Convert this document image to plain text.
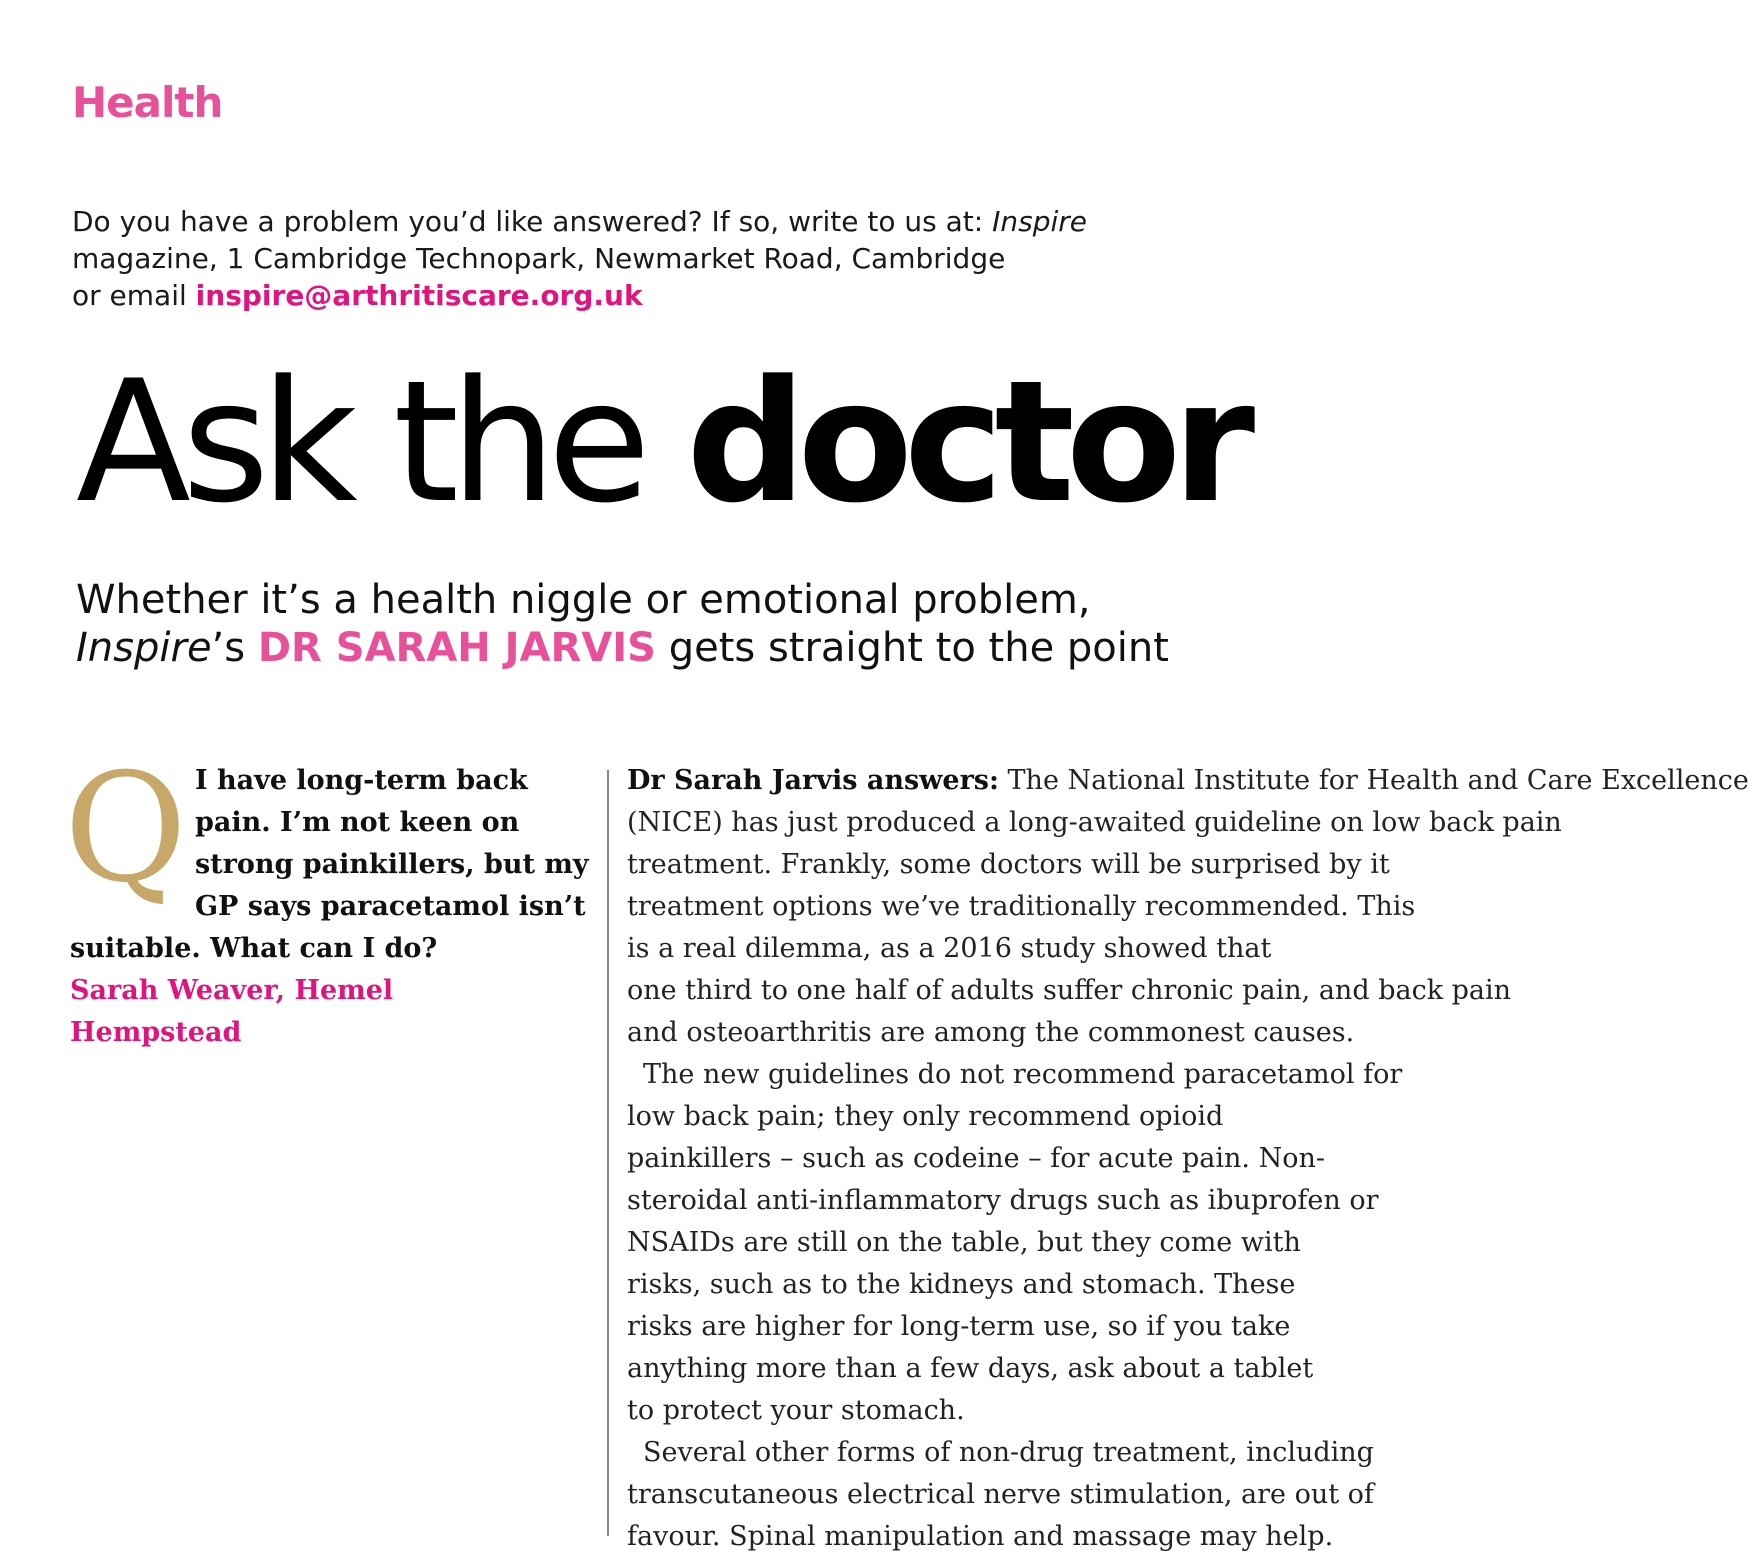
Health
Do you have a problem you’d like answered? If so, write to us at: Inspire
magazine, 1 Cambridge Technopark, Newmarket Road, Cambridge
or email inspire@arthritiscare.org.uk
Ask the doctor
Whether it’s a health niggle or emotional problem,
Inspire’s DR SARAH JARVIS gets straight to the point
Q I have long-term back pain. I’m not keen on strong painkillers, but my GP says paracetamol isn’t suitable. What can I do?
Sarah Weaver, Hemel
Hempstead
Dr Sarah Jarvis answers: The National Institute for Health and Care Excellence
(NICE) has just produced a long-awaited guideline on low back pain
treatment. Frankly, some doctors will be surprised by it
treatment options we’ve traditionally recommended. This
is a real dilemma, as a 2016 study showed that
one third to one half of adults suffer chronic pain, and back pain
and osteoarthritis are among the commonest causes.
The new guidelines do not recommend paracetamol for
low back pain; they only recommend opioid
painkillers – such as codeine – for acute pain. Non-
steroidal anti-inflammatory drugs such as ibuprofen or
NSAIDs are still on the table, but they come with
risks, such as to the kidneys and stomach. These
risks are higher for long-term use, so if you take
anything more than a few days, ask about a tablet
to protect your stomach.
Several other forms of non-drug treatment, including
transcutaneous electrical nerve stimulation, are out of
favour. Spinal manipulation and massage may help.
